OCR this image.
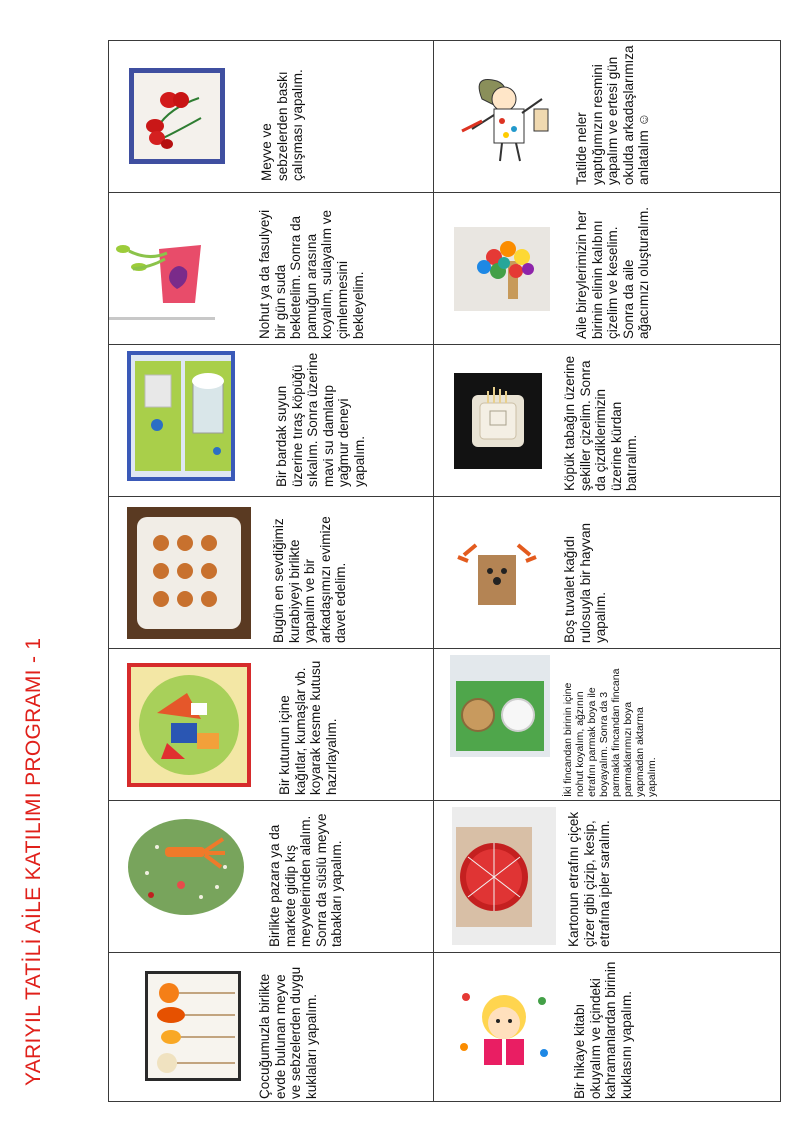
YARIYIL TATİLİ AİLE KATILIMI PROGRAMI - 1
Meyve ve sebzelerden baskı çalışması yapalım.	Tatilde neler yaptığımızın resmini yapalım ve ertesi gün okulda arkadaşlarımıza anlatalım ☺

Nohut ya da fasulyeyi bir gün suda bekletelim. Sonra da pamuğun arasına koyalım, sulayalım ve çimlenmesini bekleyelim.	Aile bireylerimizin her birinin elinin kalıbını çizelim ve keselim. Sonra da aile ağacımızı oluşturalım.

Bir bardak suyun üzerine tıraş köpüğü sıkalım. Sonra üzerine mavi su damlatıp yağmur deneyi yapalım.	Köpük tabağın üzerine şekiller çizelim. Sonra da çizdiklerimizin üzerine kürdan batıralım.

Bugün en sevdiğimiz kurabiyeyi birlikte yapalım ve bir arkadaşımızı evimize davet edelim.	Boş tuvalet kağıdı rulosuyla bir hayvan yapalım.

Bir kutunun içine kağıtlar, kumaşlar vb. koyarak kesme kutusu hazırlayalım.	İki fincandan birinin içine nohut koyalım, ağzının etrafını parmak boya ile boyayalım. Sonra da 3 parmakla fincandan fincana parmaklarımızı boya yapmadan aktarma yapalım.

Birlikte pazara ya da markete gidip kış meyvelerinden alalım. Sonra da süslü meyve tabakları yapalım.	Kartonun etrafını çiçek çizer gibi çizip, kesip, etrafına ipler saralım.

Çocuğumuzla birlikte evde bulunan meyve ve sebzelerden duygu kuklaları yapalım.	Bir hikaye kitabı okuyalım ve içindeki kahramanlardan birinin kuklasını yapalım.
